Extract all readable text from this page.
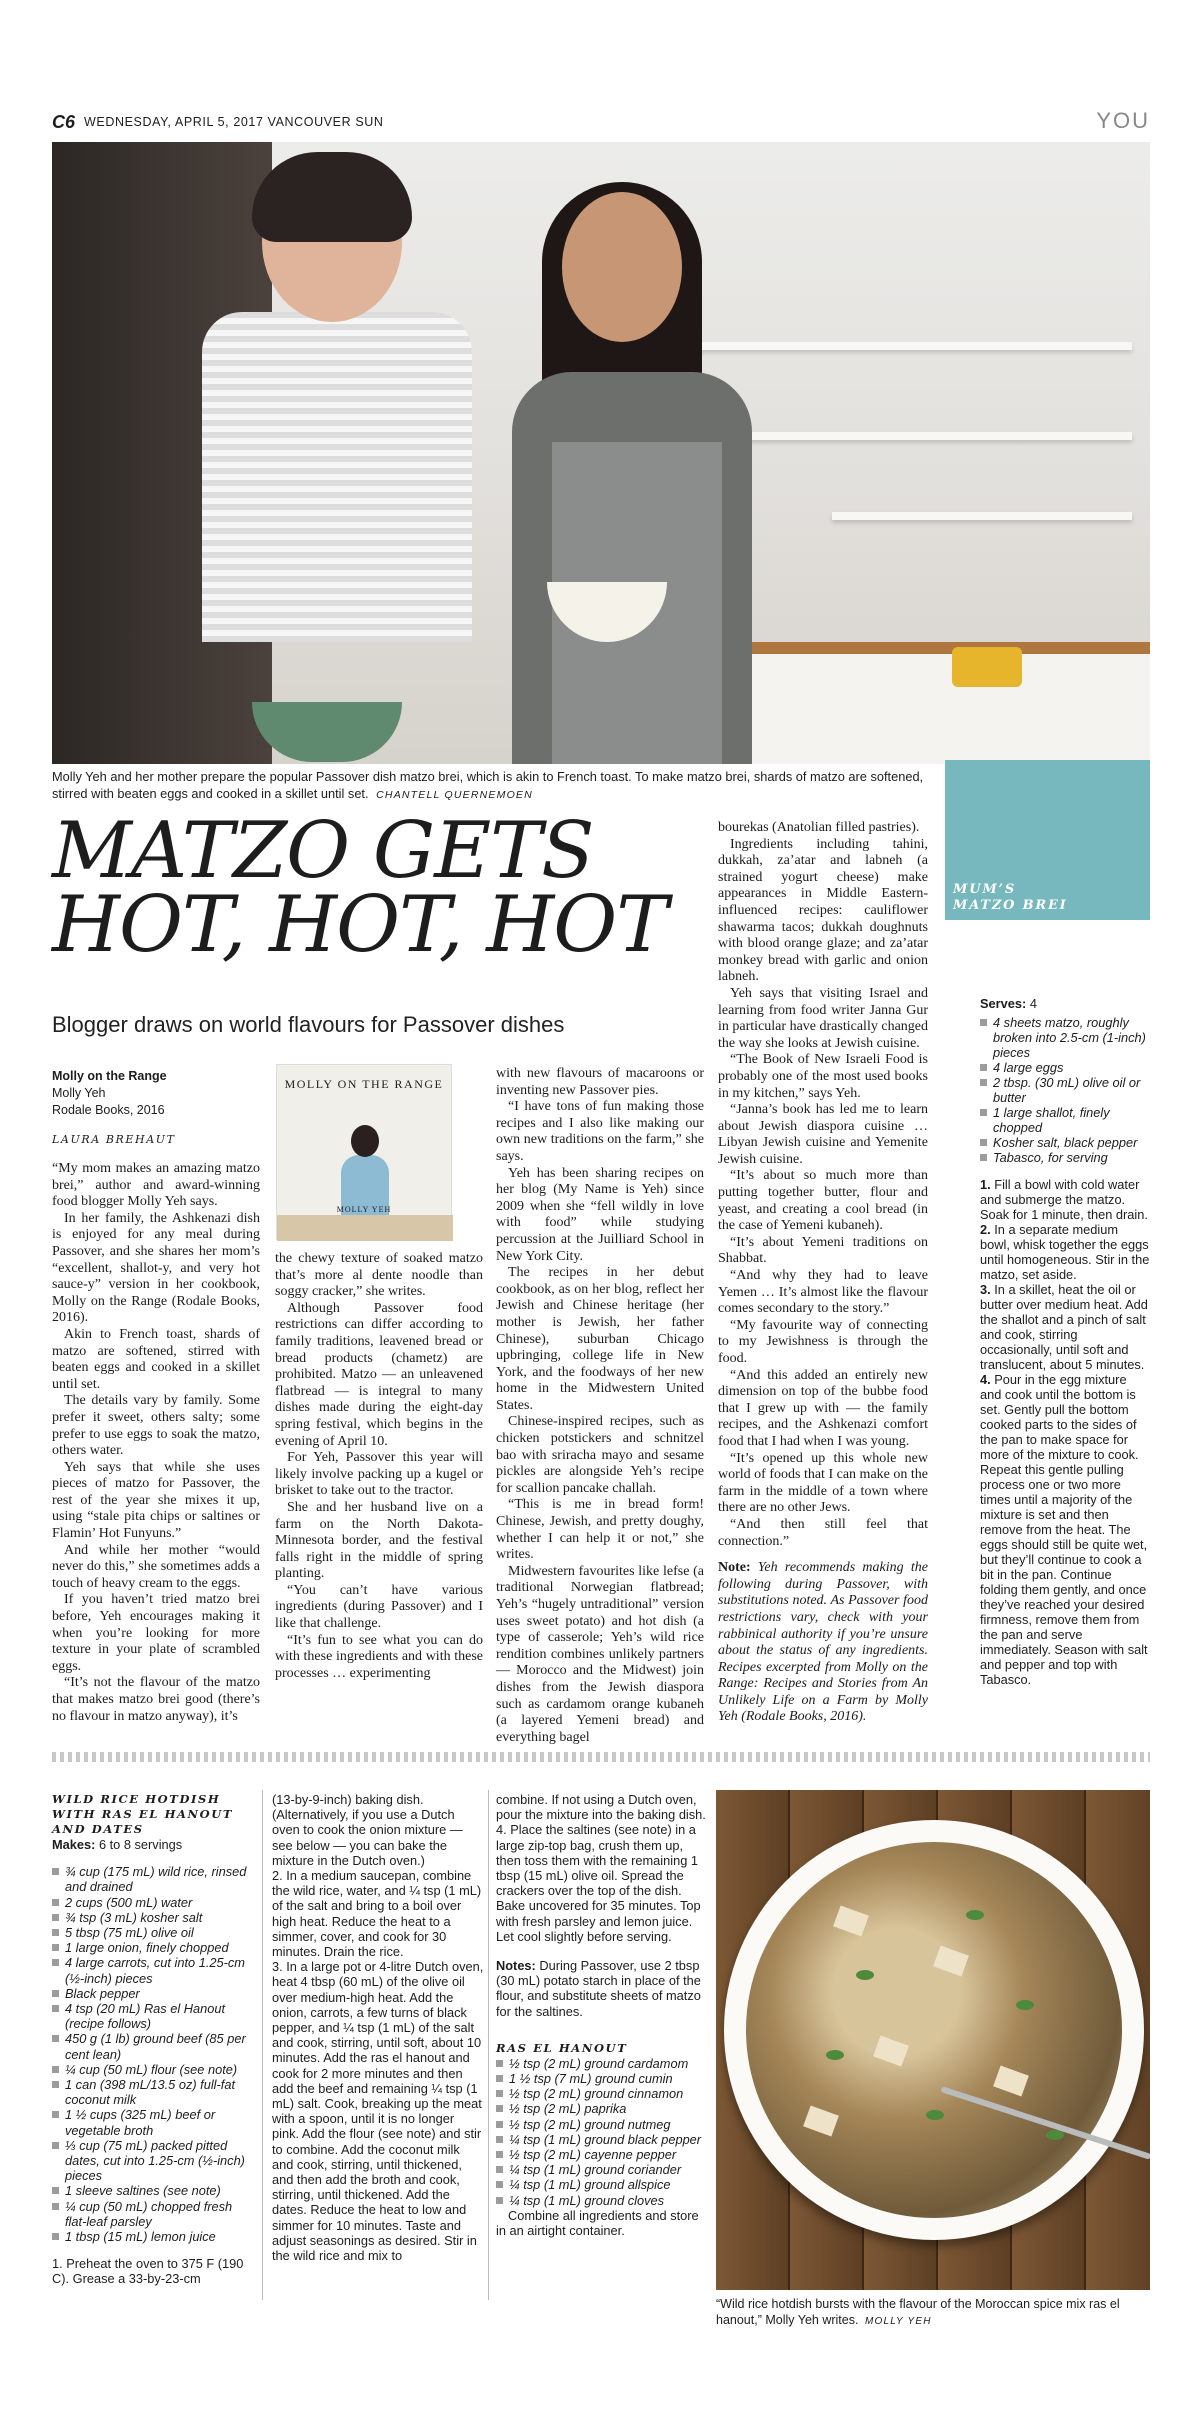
C6 WEDNESDAY, APRIL 5, 2017 VANCOUVER SUN	YOU
Molly Yeh and her mother prepare the popular Passover dish matzo brei, which is akin to French toast. To make matzo brei, shards of matzo are softened, stirred with beaten eggs and cooked in a skillet until set. CHANTELL QUERNEMOEN
MATZO GETS
HOT, HOT, HOT
Blogger draws on world flavours for Passover dishes
Molly on the Range
Molly Yeh
Rodale Books, 2016
LAURA BREHAUT
MOLLY ON THE RANGE
MOLLY YEH

“My mom makes an amazing matzo brei,” author and award-winning food blogger Molly Yeh says.

In her family, the Ashkenazi dish is enjoyed for any meal during Passover, and she shares her mom’s “excellent, shallot-y, and very hot sauce-y” version in her cookbook, Molly on the Range (Rodale Books, 2016).

Akin to French toast, shards of matzo are softened, stirred with beaten eggs and cooked in a skillet until set.

The details vary by family. Some prefer it sweet, others salty; some prefer to use eggs to soak the matzo, others water.

Yeh says that while she uses pieces of matzo for Passover, the rest of the year she mixes it up, using “stale pita chips or saltines or Flamin’ Hot Funyuns.”

And while her mother “would never do this,” she sometimes adds a touch of heavy cream to the eggs.

If you haven’t tried matzo brei before, Yeh encourages making it when you’re looking for more texture in your plate of scrambled eggs.

“It’s not the flavour of the matzo that makes matzo brei good (there’s no flavour in matzo anyway), it’s

the chewy texture of soaked matzo that’s more al dente noodle than soggy cracker,” she writes.

Although Passover food restrictions can differ according to family traditions, leavened bread or bread products (chametz) are prohibited. Matzo — an unleavened flatbread — is integral to many dishes made during the eight-day spring festival, which begins in the evening of April 10.

For Yeh, Passover this year will likely involve packing up a kugel or brisket to take out to the tractor.

She and her husband live on a farm on the North Dakota-Minnesota border, and the festival falls right in the middle of spring planting.

“You can’t have various ingredients (during Passover) and I like that challenge.

“It’s fun to see what you can do with these ingredients and with these processes … experimenting

with new flavours of macaroons or inventing new Passover pies.

“I have tons of fun making those recipes and I also like making our own new traditions on the farm,” she says.

Yeh has been sharing recipes on her blog (My Name is Yeh) since 2009 when she “fell wildly in love with food” while studying percussion at the Juilliard School in New York City.

The recipes in her debut cookbook, as on her blog, reflect her Jewish and Chinese heritage (her mother is Jewish, her father Chinese), suburban Chicago upbringing, college life in New York, and the foodways of her new home in the Midwestern United States.

Chinese-inspired recipes, such as chicken potstickers and schnitzel bao with sriracha mayo and sesame pickles are alongside Yeh’s recipe for scallion pancake challah.

“This is me in bread form! Chinese, Jewish, and pretty doughy, whether I can help it or not,” she writes.

Midwestern favourites like lefse (a traditional Norwegian flatbread; Yeh’s “hugely untraditional” version uses sweet potato) and hot dish (a type of casserole; Yeh’s wild rice rendition combines unlikely partners — Morocco and the Midwest) join dishes from the Jewish diaspora such as cardamom orange kubaneh (a layered Yemeni bread) and everything bagel

bourekas (Anatolian filled pastries).

Ingredients including tahini, dukkah, za’atar and labneh (a strained yogurt cheese) make appearances in Middle Eastern-influenced recipes: cauliflower shawarma tacos; dukkah doughnuts with blood orange glaze; and za’atar monkey bread with garlic and onion labneh.

Yeh says that visiting Israel and learning from food writer Janna Gur in particular have drastically changed the way she looks at Jewish cuisine.

“The Book of New Israeli Food is probably one of the most used books in my kitchen,” says Yeh.

“Janna’s book has led me to learn about Jewish diaspora cuisine … Libyan Jewish cuisine and Yemenite Jewish cuisine.

“It’s about so much more than putting together butter, flour and yeast, and creating a cool bread (in the case of Yemeni kubaneh).

“It’s about Yemeni traditions on Shabbat.

“And why they had to leave Yemen … It’s almost like the flavour comes secondary to the story.”

“My favourite way of connecting to my Jewishness is through the food.

“And this added an entirely new dimension on top of the bubbe food that I grew up with — the family recipes, and the Ashkenazi comfort food that I had when I was young.

“It’s opened up this whole new world of foods that I can make on the farm in the middle of a town where there are no other Jews.

“And then still feel that connection.”

Note: Yeh recommends making the following during Passover, with substitutions noted. As Passover food restrictions vary, check with your rabbinical authority if you’re unsure about the status of any ingredients. Recipes excerpted from Molly on the Range: Recipes and Stories from An Unlikely Life on a Farm by Molly Yeh (Rodale Books, 2016).

MUM’S
MATZO BREI
Serves: 4
4 sheets matzo, roughly broken into 2.5-cm (1-inch) pieces
4 large eggs
2 tbsp. (30 mL) olive oil or butter
1 large shallot, finely chopped
Kosher salt, black pepper
Tabasco, for serving

1. Fill a bowl with cold water and submerge the matzo. Soak for 1 minute, then drain.

2. In a separate medium bowl, whisk together the eggs until homogeneous. Stir in the matzo, set aside.

3. In a skillet, heat the oil or butter over medium heat. Add the shallot and a pinch of salt and cook, stirring occasionally, until soft and translucent, about 5 minutes.

4. Pour in the egg mixture and cook until the bottom is set. Gently pull the bottom cooked parts to the sides of the pan to make space for more of the mixture to cook. Repeat this gentle pulling process one or two more times until a majority of the mixture is set and then remove from the heat. The eggs should still be quite wet, but they’ll continue to cook a bit in the pan. Continue folding them gently, and once they’ve reached your desired firmness, remove them from the pan and serve immediately. Season with salt and pepper and top with Tabasco.

WILD RICE HOTDISH
WITH RAS EL HANOUT
AND DATES
Makes: 6 to 8 servings
¾ cup (175 mL) wild rice, rinsed and drained
2 cups (500 mL) water
¾ tsp (3 mL) kosher salt
5 tbsp (75 mL) olive oil
1 large onion, finely chopped
4 large carrots, cut into 1.25-cm (½-inch) pieces
Black pepper
4 tsp (20 mL) Ras el Hanout (recipe follows)
450 g (1 lb) ground beef (85 per cent lean)
¼ cup (50 mL) flour (see note)
1 can (398 mL/13.5 oz) full-fat coconut milk
1 ½ cups (325 mL) beef or vegetable broth
⅓ cup (75 mL) packed pitted dates, cut into 1.25-cm (½-inch) pieces
1 sleeve saltines (see note)
¼ cup (50 mL) chopped fresh flat-leaf parsley
1 tbsp (15 mL) lemon juice

1. Preheat the oven to 375 F (190 C). Grease a 33-by-23-cm

(13-by-9-inch) baking dish. (Alternatively, if you use a Dutch oven to cook the onion mixture — see below — you can bake the mixture in the Dutch oven.)

2. In a medium saucepan, combine the wild rice, water, and ¼ tsp (1 mL) of the salt and bring to a boil over high heat. Reduce the heat to a simmer, cover, and cook for 30 minutes. Drain the rice.

3. In a large pot or 4-litre Dutch oven, heat 4 tbsp (60 mL) of the olive oil over medium-high heat. Add the onion, carrots, a few turns of black pepper, and ¼ tsp (1 mL) of the salt and cook, stirring, until soft, about 10 minutes. Add the ras el hanout and cook for 2 more minutes and then add the beef and remaining ¼ tsp (1 mL) salt. Cook, breaking up the meat with a spoon, until it is no longer pink. Add the flour (see note) and stir to combine. Add the coconut milk and cook, stirring, until thickened, and then add the broth and cook, stirring, until thickened. Add the dates. Reduce the heat to low and simmer for 10 minutes. Taste and adjust seasonings as desired. Stir in the wild rice and mix to

combine. If not using a Dutch oven, pour the mixture into the baking dish.

4. Place the saltines (see note) in a large zip-top bag, crush them up, then toss them with the remaining 1 tbsp (15 mL) olive oil. Spread the crackers over the top of the dish. Bake uncovered for 35 minutes. Top with fresh parsley and lemon juice. Let cool slightly before serving.

Notes: During Passover, use 2 tbsp (30 mL) potato starch in place of the flour, and substitute sheets of matzo for the saltines.

RAS EL HANOUT
½ tsp (2 mL) ground cardamom
1 ½ tsp (7 mL) ground cumin
½ tsp (2 mL) ground cinnamon
½ tsp (2 mL) paprika
½ tsp (2 mL) ground nutmeg
¼ tsp (1 mL) ground black pepper
½ tsp (2 mL) cayenne pepper
¼ tsp (1 mL) ground coriander
¼ tsp (1 mL) ground allspice
¼ tsp (1 mL) ground cloves

Combine all ingredients and store in an airtight container.

“Wild rice hotdish bursts with the flavour of the Moroccan spice mix ras el hanout,” Molly Yeh writes. MOLLY YEH
